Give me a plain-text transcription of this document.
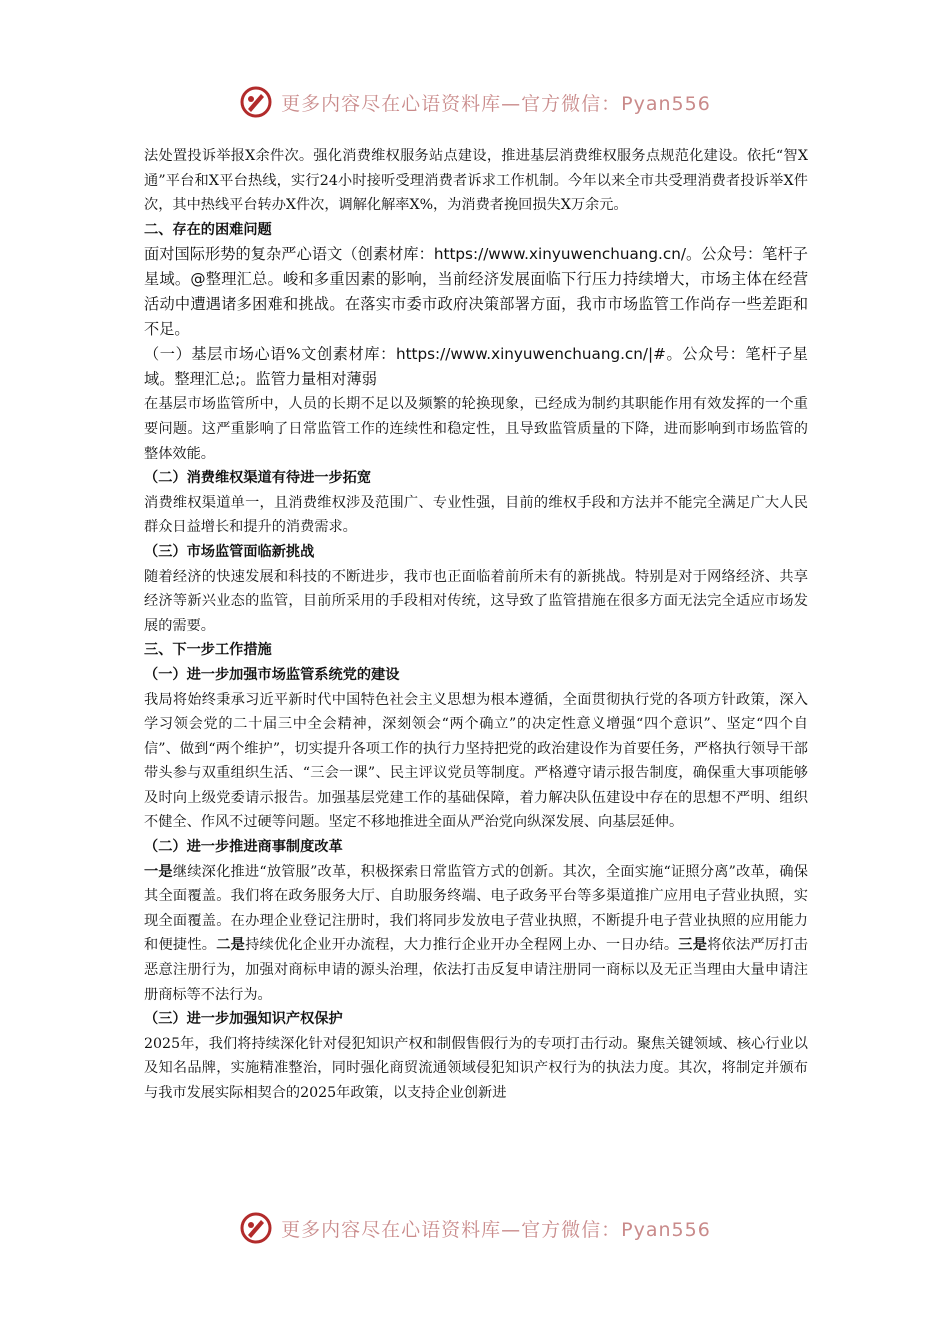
更多内容尽在心语资料库—官方微信：Pyan556

法处置投诉举报X余件次。强化消费维权服务站点建设，推进基层消费维权服务点规范化建设。依托“智X通”平台和X平台热线，实行24小时接听受理消费者诉求工作机制。今年以来全市共受理消费者投诉举X件次，其中热线平台转办X件次，调解化解率X%，为消费者挽回损失X万余元。

二、存在的困难问题

面对国际形势的复杂严心语文（创素材库：https://www.xinyuwenchuang.cn/。公众号：笔杆子星域。@整理汇总。峻和多重因素的影响，当前经济发展面临下行压力持续增大，市场主体在经营活动中遭遇诸多困难和挑战。在落实市委市政府决策部署方面，我市市场监管工作尚存一些差距和不足。

（一）基层市场心语%文创素材库：https://www.xinyuwenchuang.cn/|#。公众号：笔杆子星域。整理汇总;。监管力量相对薄弱

在基层市场监管所中，人员的长期不足以及频繁的轮换现象，已经成为制约其职能作用有效发挥的一个重要问题。这严重影响了日常监管工作的连续性和稳定性，且导致监管质量的下降，进而影响到市场监管的整体效能。

（二）消费维权渠道有待进一步拓宽

消费维权渠道单一，且消费维权涉及范围广、专业性强，目前的维权手段和方法并不能完全满足广大人民群众日益增长和提升的消费需求。

（三）市场监管面临新挑战

随着经济的快速发展和科技的不断进步，我市也正面临着前所未有的新挑战。特别是对于网络经济、共享经济等新兴业态的监管，目前所采用的手段相对传统，这导致了监管措施在很多方面无法完全适应市场发展的需要。

三、下一步工作措施

（一）进一步加强市场监管系统党的建设

我局将始终秉承习近平新时代中国特色社会主义思想为根本遵循，全面贯彻执行党的各项方针政策，深入学习领会党的二十届三中全会精神，深刻领会“两个确立”的决定性意义增强“四个意识”、坚定“四个自信”、做到“两个维护”，切实提升各项工作的执行力坚持把党的政治建设作为首要任务，严格执行领导干部带头参与双重组织生活、“三会一课”、民主评议党员等制度。严格遵守请示报告制度，确保重大事项能够及时向上级党委请示报告。加强基层党建工作的基础保障，着力解决队伍建设中存在的思想不严明、组织不健全、作风不过硬等问题。坚定不移地推进全面从严治党向纵深发展、向基层延伸。

（二）进一步推进商事制度改革

一是继续深化推进“放管服”改革，积极探索日常监管方式的创新。其次，全面实施“证照分离”改革，确保其全面覆盖。我们将在政务服务大厅、自助服务终端、电子政务平台等多渠道推广应用电子营业执照，实现全面覆盖。在办理企业登记注册时，我们将同步发放电子营业执照，不断提升电子营业执照的应用能力和便捷性。二是持续优化企业开办流程，大力推行企业开办全程网上办、一日办结。三是将依法严厉打击恶意注册行为，加强对商标申请的源头治理，依法打击反复申请注册同一商标以及无正当理由大量申请注册商标等不法行为。

（三）进一步加强知识产权保护

2025年，我们将持续深化针对侵犯知识产权和制假售假行为的专项打击行动。聚焦关键领域、核心行业以及知名品牌，实施精准整治，同时强化商贸流通领域侵犯知识产权行为的执法力度。其次，将制定并颁布与我市发展实际相契合的2025年政策，以支持企业创新进

更多内容尽在心语资料库—官方微信：Pyan556
